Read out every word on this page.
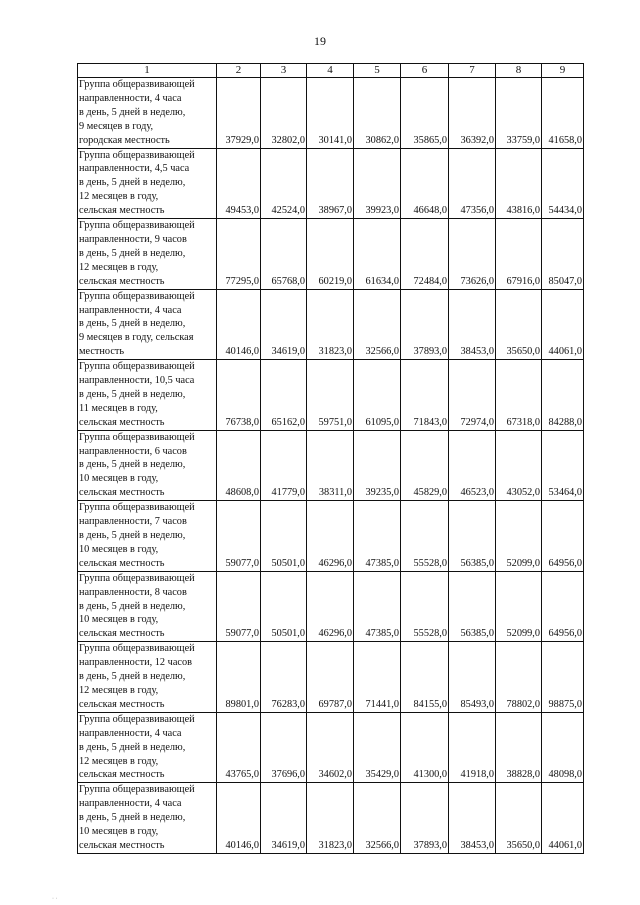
19
1	2	3	4	5	6	7	8	9

Группа общеразвивающей
направленности, 4 часа
в день, 5 дней в неделю,
9 месяцев в году,
городская местность	37929,0	32802,0	30141,0	30862,0	35865,0	36392,0	33759,0	41658,0

Группа общеразвивающей
направленности, 4,5 часа
в день, 5 дней в неделю,
12 месяцев в году,
сельская местность	49453,0	42524,0	38967,0	39923,0	46648,0	47356,0	43816,0	54434,0

Группа общеразвивающей
направленности, 9 часов
в день, 5 дней в неделю,
12 месяцев в году,
сельская местность	77295,0	65768,0	60219,0	61634,0	72484,0	73626,0	67916,0	85047,0

Группа общеразвивающей
направленности, 4 часа
в день, 5 дней в неделю,
9 месяцев в году, сельская
местность	40146,0	34619,0	31823,0	32566,0	37893,0	38453,0	35650,0	44061,0

Группа общеразвивающей
направленности, 10,5 часа
в день, 5 дней в неделю,
11 месяцев в году,
сельская местность	76738,0	65162,0	59751,0	61095,0	71843,0	72974,0	67318,0	84288,0

Группа общеразвивающей
направленности, 6 часов
в день, 5 дней в неделю,
10 месяцев в году,
сельская местность	48608,0	41779,0	38311,0	39235,0	45829,0	46523,0	43052,0	53464,0

Группа общеразвивающей
направленности, 7 часов
в день, 5 дней в неделю,
10 месяцев в году,
сельская местность	59077,0	50501,0	46296,0	47385,0	55528,0	56385,0	52099,0	64956,0

Группа общеразвивающей
направленности, 8 часов
в день, 5 дней в неделю,
10 месяцев в году,
сельская местность	59077,0	50501,0	46296,0	47385,0	55528,0	56385,0	52099,0	64956,0

Группа общеразвивающей
направленности, 12 часов
в день, 5 дней в неделю,
12 месяцев в году,
сельская местность	89801,0	76283,0	69787,0	71441,0	84155,0	85493,0	78802,0	98875,0

Группа общеразвивающей
направленности, 4 часа
в день, 5 дней в неделю,
12 месяцев в году,
сельская местность	43765,0	37696,0	34602,0	35429,0	41300,0	41918,0	38828,0	48098,0

Группа общеразвивающей
направленности, 4 часа
в день, 5 дней в неделю,
10 месяцев в году,
сельская местность	40146,0	34619,0	31823,0	32566,0	37893,0	38453,0	35650,0	44061,0
· ·
